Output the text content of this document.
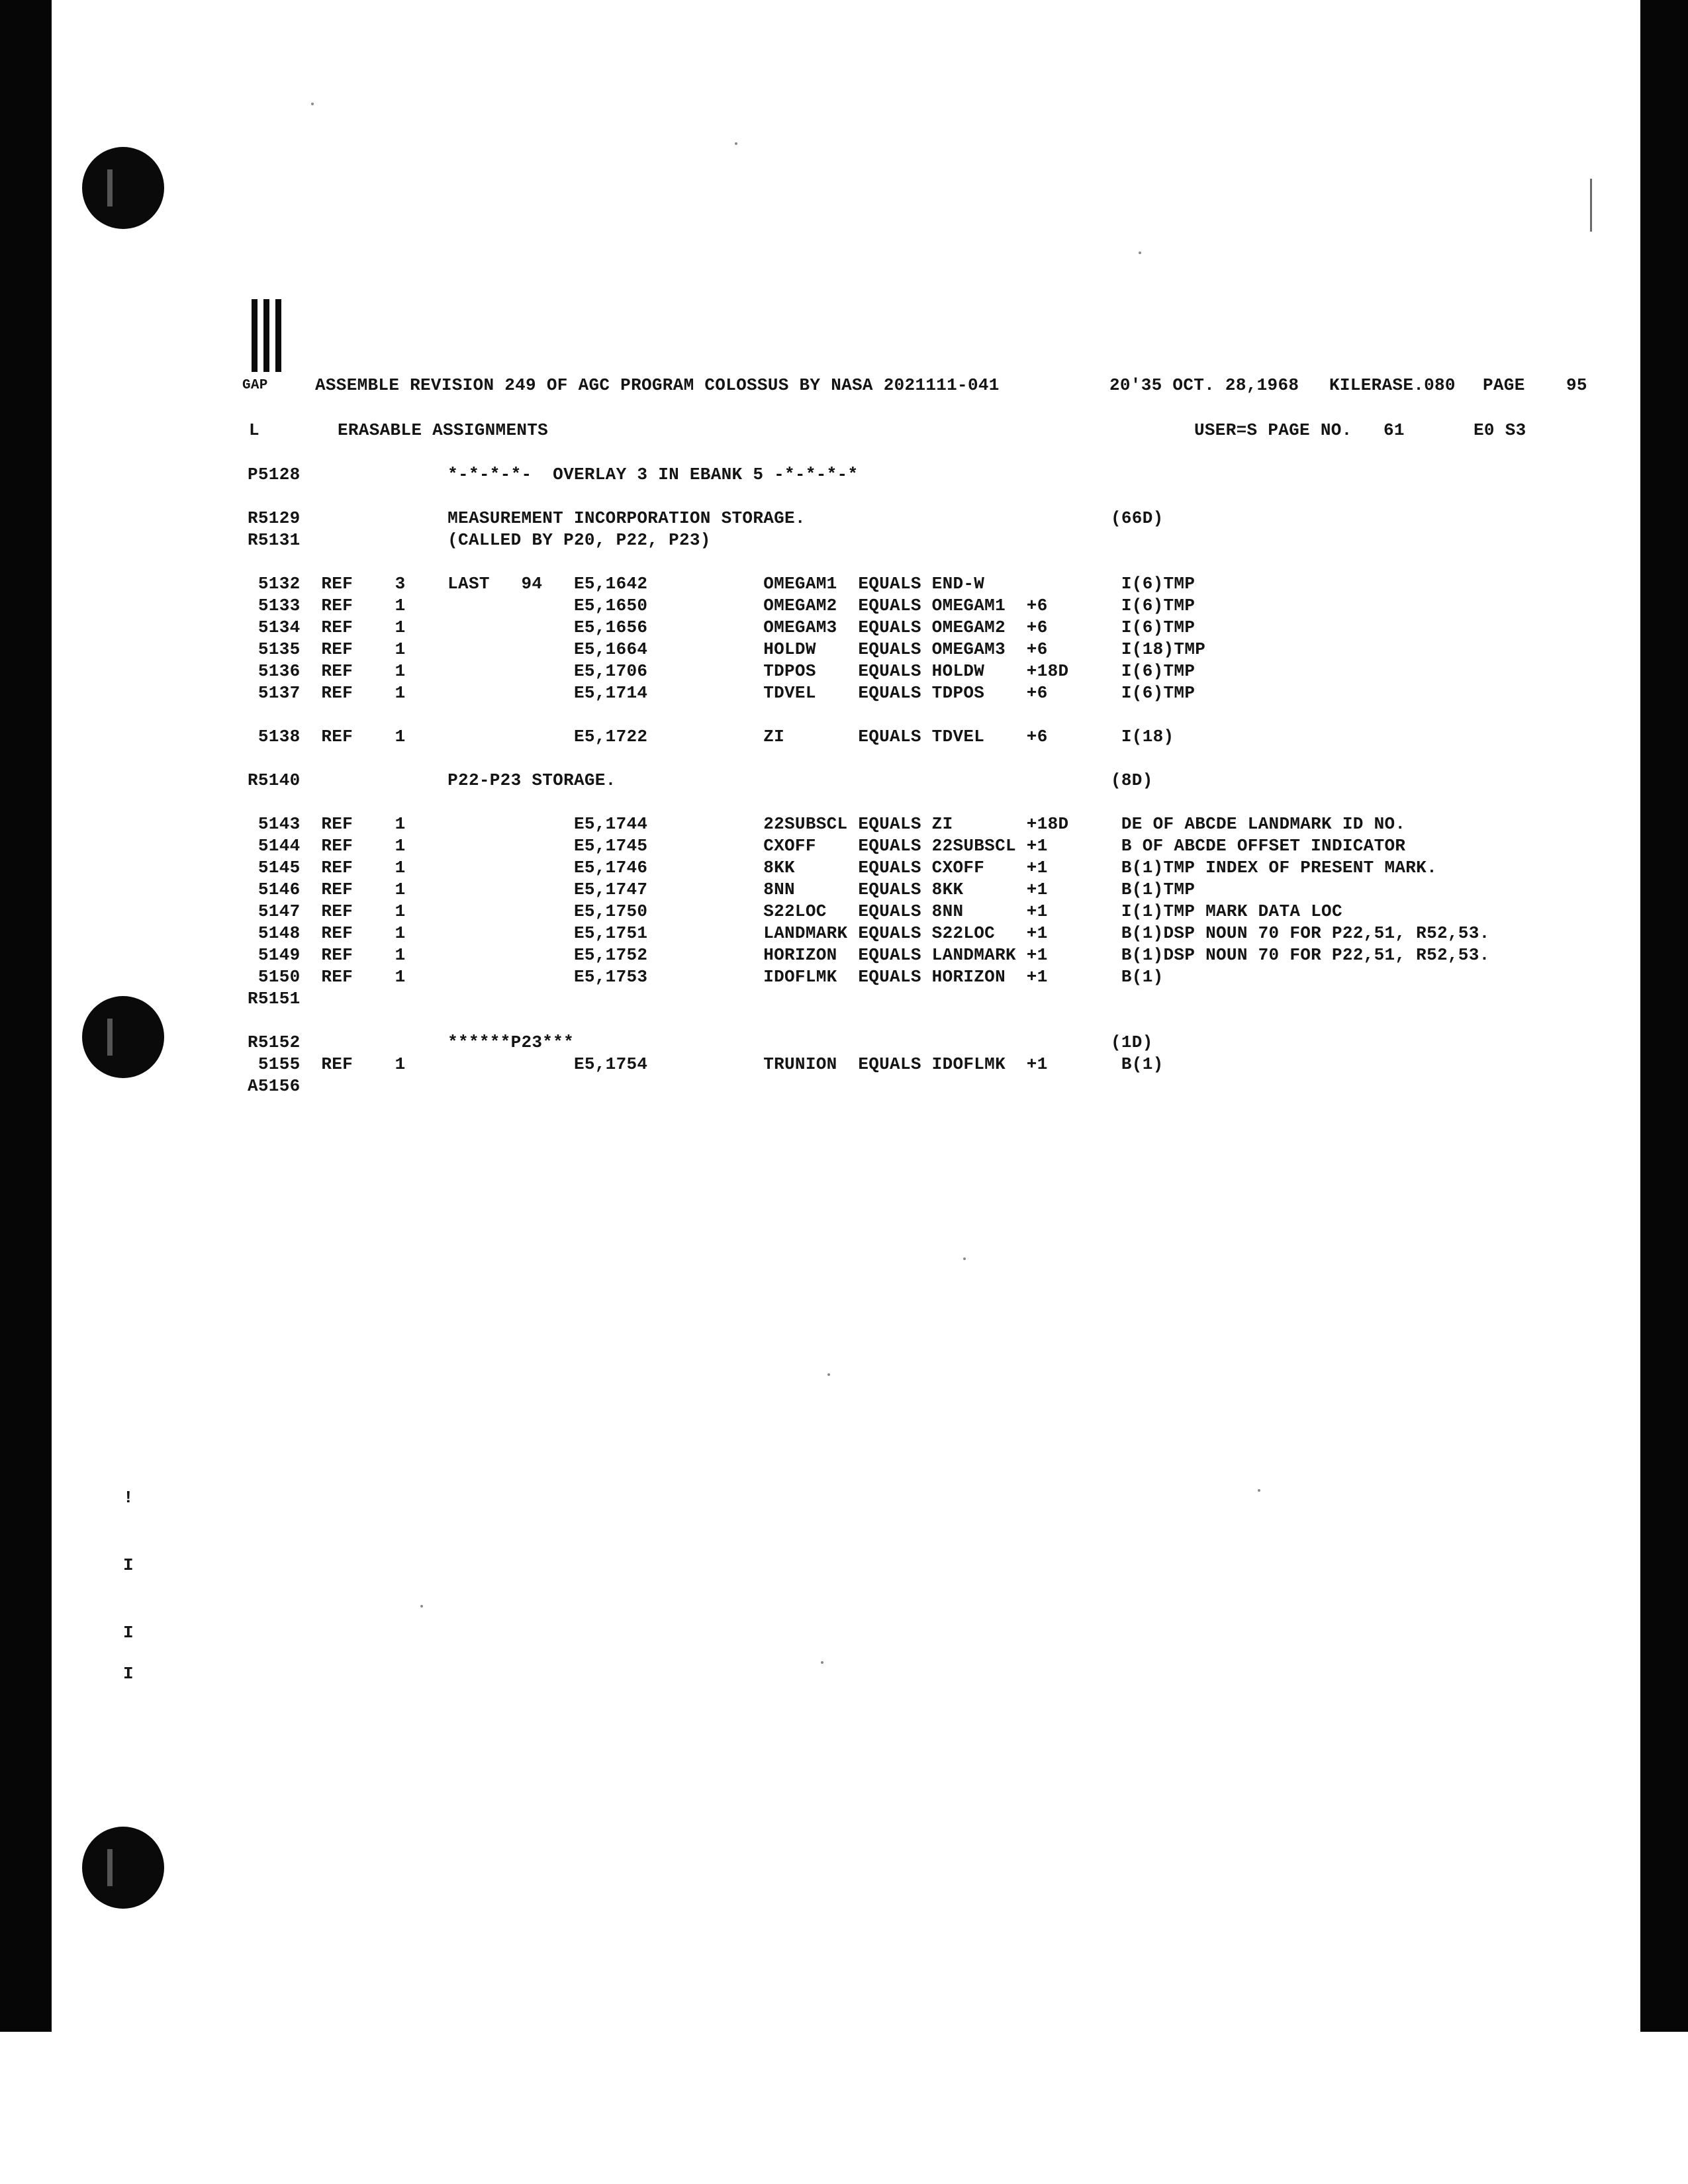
GAP	ASSEMBLE REVISION 249 OF AGC PROGRAM COLOSSUS BY NASA 2021111-041	20'35 OCT. 28,1968 KILERASE.080 PAGE 95
L	ERASABLE ASSIGNMENTS	USER=S PAGE NO. 61	E0 S3
P5128              *-*-*-*-  OVERLAY 3 IN EBANK 5 -*-*-*-*
R5129              MEASUREMENT INCORPORATION STORAGE.                             (66D)
R5131              (CALLED BY P20, P22, P23)
5132  REF    3    LAST   94   E5,1642           OMEGAM1  EQUALS END-W             I(6)TMP
5133  REF    1                E5,1650           OMEGAM2  EQUALS OMEGAM1  +6       I(6)TMP
5134  REF    1                E5,1656           OMEGAM3  EQUALS OMEGAM2  +6       I(6)TMP
5135  REF    1                E5,1664           HOLDW    EQUALS OMEGAM3  +6       I(18)TMP
5136  REF    1                E5,1706           TDPOS    EQUALS HOLDW    +18D     I(6)TMP
5137  REF    1                E5,1714           TDVEL    EQUALS TDPOS    +6       I(6)TMP
5138  REF    1                E5,1722           ZI       EQUALS TDVEL    +6       I(18)
R5140              P22-P23 STORAGE.                                               (8D)
5143  REF    1                E5,1744           22SUBSCL EQUALS ZI       +18D     DE OF ABCDE LANDMARK ID NO.
5144  REF    1                E5,1745           CXOFF    EQUALS 22SUBSCL +1       B OF ABCDE OFFSET INDICATOR
5145  REF    1                E5,1746           8KK      EQUALS CXOFF    +1       B(1)TMP INDEX OF PRESENT MARK.
5146  REF    1                E5,1747           8NN      EQUALS 8KK      +1       B(1)TMP
5147  REF    1                E5,1750           S22LOC   EQUALS 8NN      +1       I(1)TMP MARK DATA LOC
5148  REF    1                E5,1751           LANDMARK EQUALS S22LOC   +1       B(1)DSP NOUN 70 FOR P22,51, R52,53.
5149  REF    1                E5,1752           HORIZON  EQUALS LANDMARK +1       B(1)DSP NOUN 70 FOR P22,51, R52,53.
5150  REF    1                E5,1753           IDOFLMK  EQUALS HORIZON  +1       B(1)
R5151
R5152              ******P23***                                                   (1D)
5155  REF    1                E5,1754           TRUNION  EQUALS IDOFLMK  +1       B(1)
A5156
!
I
I
I
